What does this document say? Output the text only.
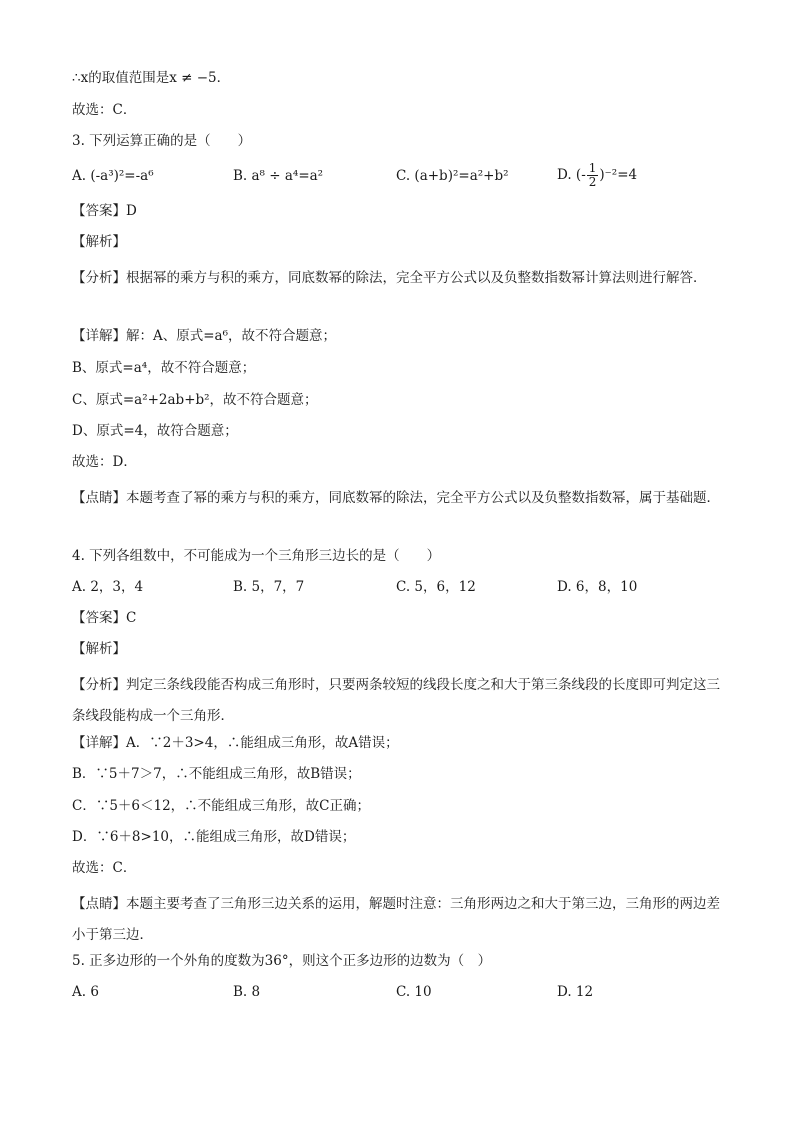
∴x的取值范围是x ≠ −5．
故选：C．
3. 下列运算正确的是（　　）
A. (-a³)²=-a⁶	B. a⁸ ÷ a⁴=a²	C. (a+b)²=a²+b²	D. (- $\frac{1}{2} )^{-2}=4$
【答案】D
【解析】
【分析】根据幂的乘方与积的乘方，同底数幂的除法，完全平方公式以及负整数指数幂计算法则进行解答．
【详解】解：A、原式=a⁶，故不符合题意；
B、原式=a⁴，故不符合题意；
C、原式=a²+2ab+b²，故不符合题意；
D、原式=4，故符合题意；
故选：D．
【点睛】本题考查了幂的乘方与积的乘方，同底数幂的除法，完全平方公式以及负整数指数幂，属于基础题．
4. 下列各组数中，不可能成为一个三角形三边长的是（　　）
A. 2，3，4	B. 5，7，7	C. 5，6，12	D. 6，8，10
【答案】C
【解析】
【分析】判定三条线段能否构成三角形时，只要两条较短的线段长度之和大于第三条线段的长度即可判定这三条线段能构成一个三角形．
【详解】A．∵2＋3>4，∴能组成三角形，故A错误；
B．∵5＋7＞7，∴不能组成三角形，故B错误；
C．∵5＋6＜12，∴不能组成三角形，故C正确；
D．∵6＋8>10，∴能组成三角形，故D错误；
故选：C．
【点睛】本题主要考查了三角形三边关系的运用，解题时注意：三角形两边之和大于第三边，三角形的两边差小于第三边．
5. 正多边形的一个外角的度数为36°，则这个正多边形的边数为（　）
A. 6	B. 8	C. 10	D. 12
